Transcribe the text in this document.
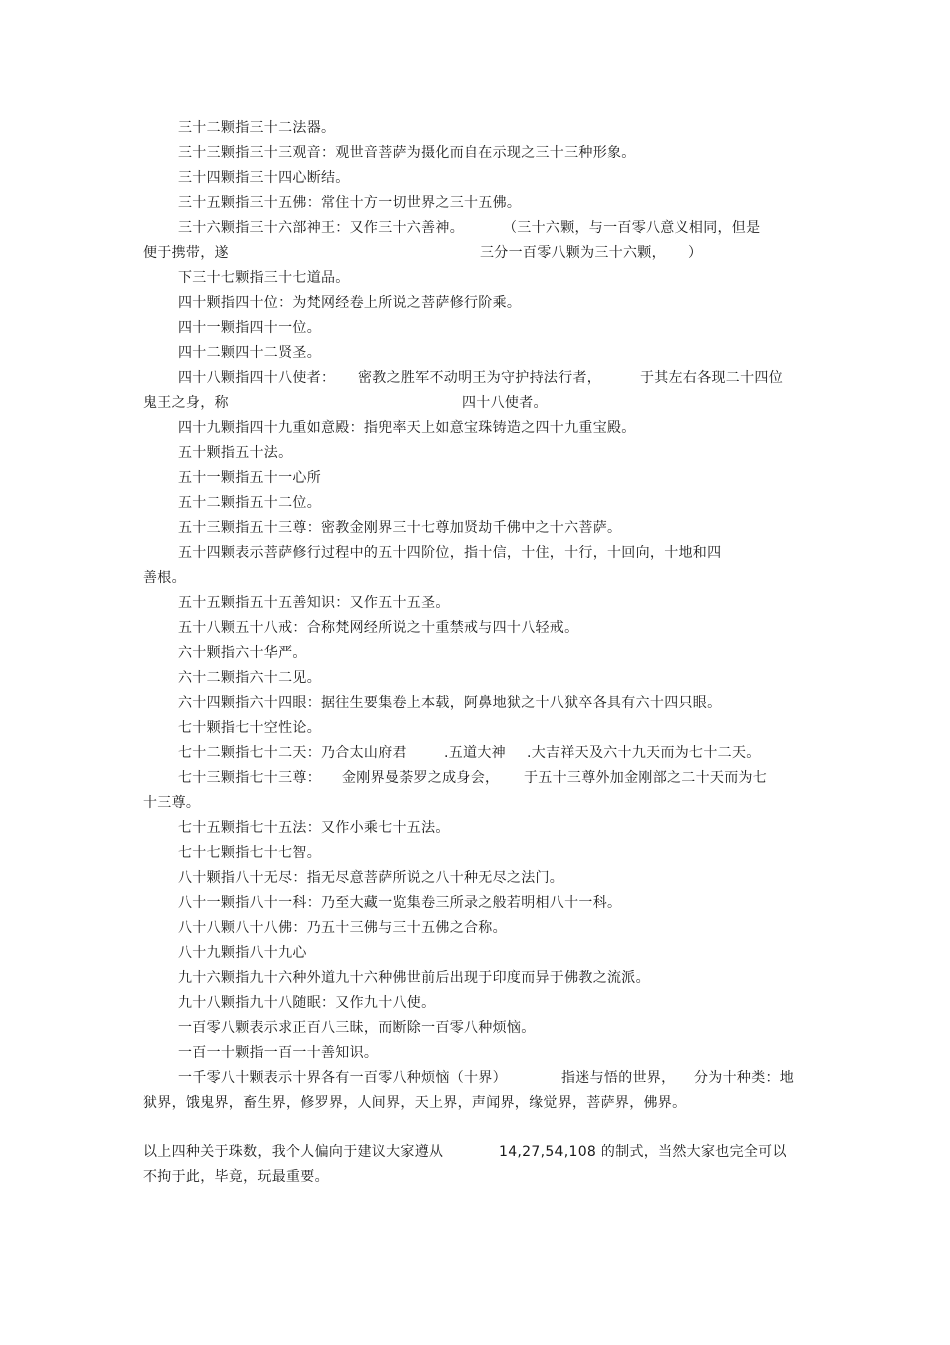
三十二颗指三十二法器。
三十三颗指三十三观音：观世音菩萨为摄化而自在示现之三十三种形象。
三十四颗指三十四心断结。
三十五颗指三十五佛：常住十方一切世界之三十五佛。
三十六颗指三十六部神王：又作三十六善神。	（三十六颗，与一百零八意义相同，但是
便于携带，遂	三分一百零八颗为三十六颗， ）
下三十七颗指三十七道品。
四十颗指四十位：为梵网经卷上所说之菩萨修行阶乘。
四十一颗指四十一位。
四十二颗四十二贤圣。
四十八颗指四十八使者： 密教之胜军不动明王为守护持法行者，	于其左右各现二十四位
鬼王之身，称	四十八使者。
四十九颗指四十九重如意殿：指兜率天上如意宝珠铸造之四十九重宝殿。
五十颗指五十法。
五十一颗指五十一心所
五十二颗指五十二位。
五十三颗指五十三尊：密教金刚界三十七尊加贤劫千佛中之十六菩萨。
五十四颗表示菩萨修行过程中的五十四阶位，指十信，十住，十行，十回向，十地和四
善根。
五十五颗指五十五善知识：又作五十五圣。
五十八颗五十八戒：合称梵网经所说之十重禁戒与四十八轻戒。
六十颗指六十华严。
六十二颗指六十二见。
六十四颗指六十四眼：据往生要集卷上本载，阿鼻地狱之十八狱卒各具有六十四只眼。
七十颗指七十空性论。
七十二颗指七十二天：乃合太山府君	.五道大神 .大吉祥天及六十九天而为七十二天。
七十三颗指七十三尊： 金刚界曼荼罗之成身会， 于五十三尊外加金刚部之二十天而为七
十三尊。
七十五颗指七十五法：又作小乘七十五法。
七十七颗指七十七智。
八十颗指八十无尽：指无尽意菩萨所说之八十种无尽之法门。
八十一颗指八十一科：乃至大藏一览集卷三所录之般若明相八十一科。
八十八颗八十八佛：乃五十三佛与三十五佛之合称。
八十九颗指八十九心
九十六颗指九十六种外道九十六种佛世前后出现于印度而异于佛教之流派。
九十八颗指九十八随眠：又作九十八使。
一百零八颗表示求正百八三昧，而断除一百零八种烦恼。
一百一十颗指一百一十善知识。
一千零八十颗表示十界各有一百零八种烦恼（十界）	指迷与悟的世界， 分为十种类：地
狱界，饿鬼界，畜生界，修罗界，人间界，天上界，声闻界，缘觉界，菩萨界，佛界。
以上四种关于珠数，我个人偏向于建议大家遵从	14,27,54,108 的制式，当然大家也完全可以
不拘于此，毕竟，玩最重要。
